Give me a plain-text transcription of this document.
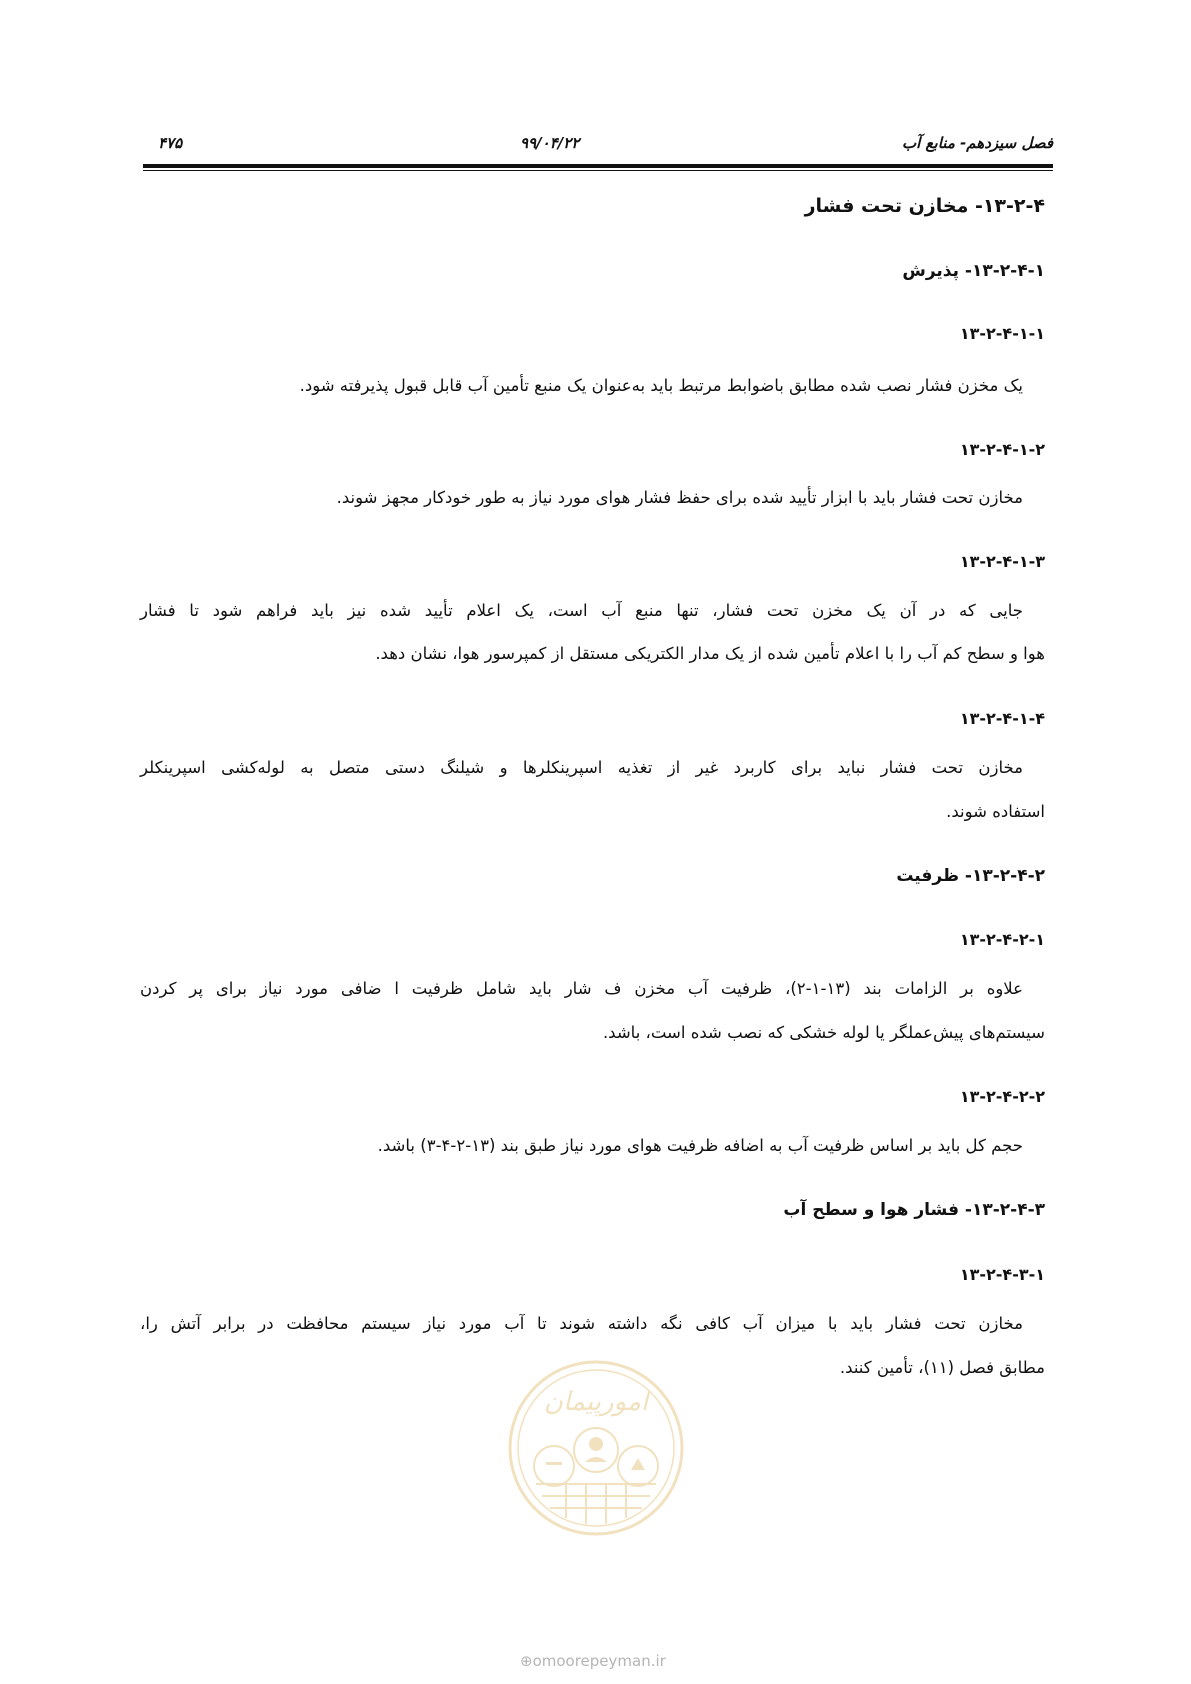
فصل سیزدهم- منابع آب
۹۹/۰۴/۲۲
۴۷۵
۱۳-۲-۴- مخازن تحت فشار
۱۳-۲-۴-۱- پذیرش
۱۳-۲-۴-۱-۱
یک مخزن فشار نصب شده مطابق باضوابط مرتبط باید به‌عنوان یک منبع تأمین آب قابل قبول پذیرفته شود.
۱۳-۲-۴-۱-۲
مخازن تحت فشار باید با ابزار تأیید شده برای حفظ فشار هوای مورد نیاز به طور خودکار مجهز شوند.
۱۳-۲-۴-۱-۳
جایی که در آن یک مخزن تحت فشار، تنها منبع آب است، یک اعلام تأیید شده نیز باید فراهم شود تا فشار
هوا و سطح کم آب را با اعلام تأمین شده از یک مدار الکتریکی مستقل از کمپرسور هوا، نشان دهد.
۱۳-۲-۴-۱-۴
مخازن تحت فشار نباید برای کاربرد غیر از تغذیه اسپرینکلرها و شیلنگ دستی متصل به لوله‌کشی اسپرینکلر
استفاده شوند.
۱۳-۲-۴-۲- ظرفیت
۱۳-۲-۴-۲-۱
علاوه بر الزامات بند (۱۳-۱-۲)، ظرفیت آب مخزن ف شار باید شامل ظرفیت ا ضافی مورد نیاز برای پر کردن
سیستم‌های پیش‌عملگر یا لوله خشکی که نصب شده است، باشد.
۱۳-۲-۴-۲-۲
حجم کل باید بر اساس ظرفیت آب به اضافه ظرفیت هوای مورد نیاز طبق بند (۱۳-۲-۴-۳) باشد.
۱۳-۲-۴-۳- فشار هوا و سطح آب
۱۳-۲-۴-۳-۱
مخازن تحت فشار باید با میزان آب کافی نگه داشته شوند تا آب مورد نیاز سیستم محافظت در برابر آتش را،
مطابق فصل (۱۱)، تأمین کنند.
امورپیمان
⊕omoorepeyman.ir
